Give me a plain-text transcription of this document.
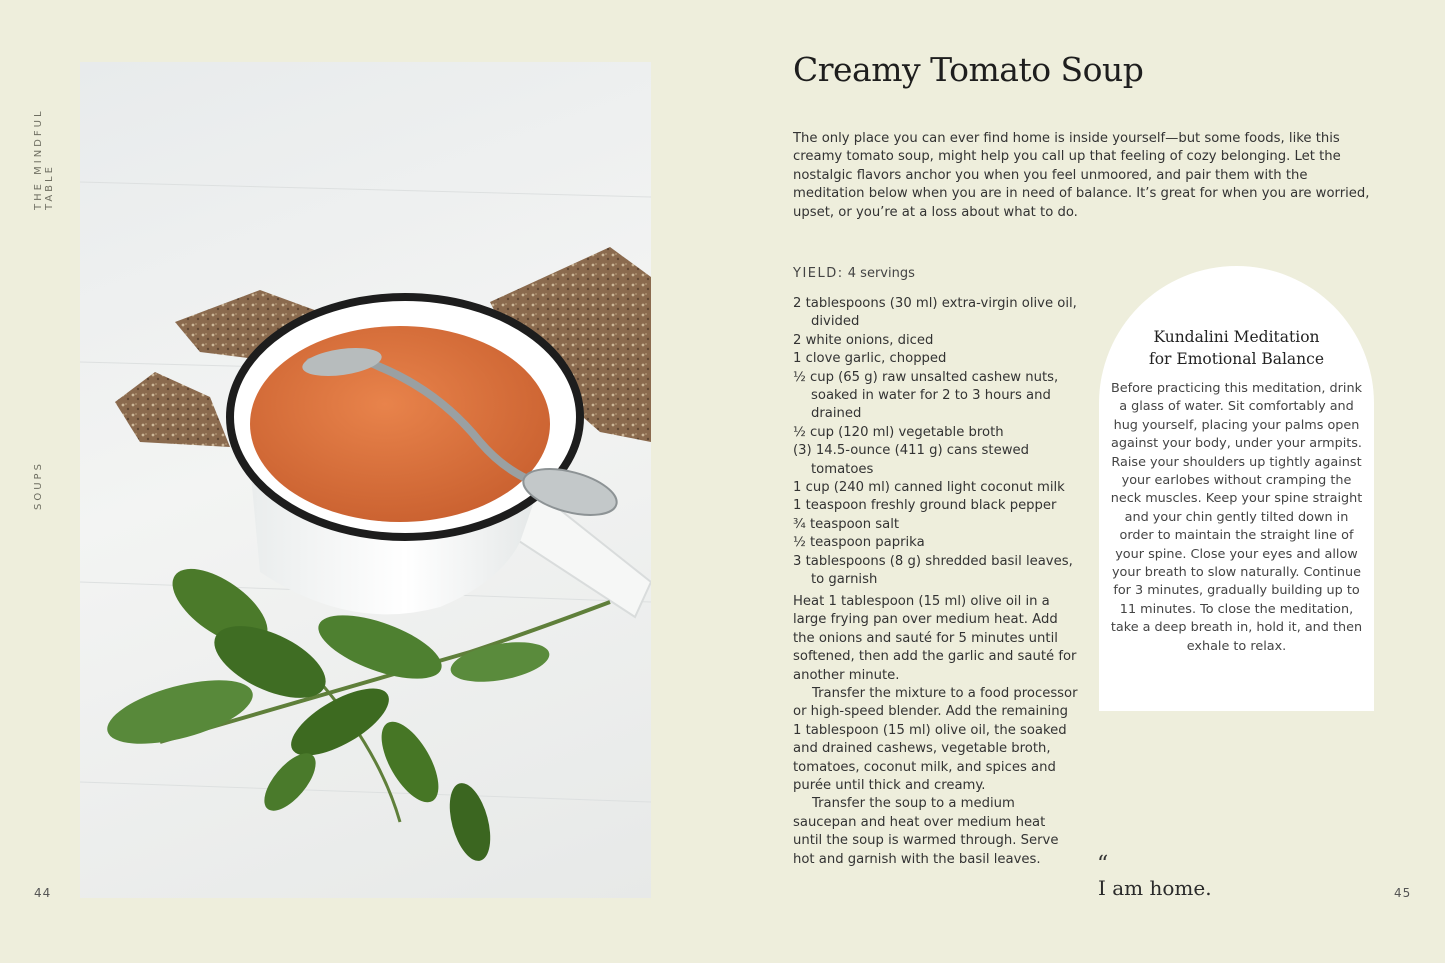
THE MINDFUL TABLE
SOUPS
Creamy Tomato Soup

The only place you can ever find home is inside yourself—but some foods, like this creamy tomato soup, might help you call up that feeling of cozy belonging. Let the nostalgic flavors anchor you when you feel unmoored, and pair them with the meditation below when you are in need of balance. It’s great for when you are worried, upset, or you’re at a loss about what to do.

YIELD: 4 servings
2 tablespoons (30 ml) extra-virgin olive oil, divided
2 white onions, diced
1 clove garlic, chopped
½ cup (65 g) raw unsalted cashew nuts, soaked in water for 2 to 3 hours and drained
½ cup (120 ml) vegetable broth
(3) 14.5-ounce (411 g) cans stewed tomatoes
1 cup (240 ml) canned light coconut milk
1 teaspoon freshly ground black pepper
¾ teaspoon salt
½ teaspoon paprika
3 tablespoons (8 g) shredded basil leaves, to garnish

Heat 1 tablespoon (15 ml) olive oil in a large frying pan over medium heat. Add the onions and sauté for 5 minutes until softened, then add the garlic and sauté for another minute.

Transfer the mixture to a food processor or high-speed blender. Add the remaining 1 tablespoon (15 ml) olive oil, the soaked and drained cashews, vegetable broth, tomatoes, coconut milk, and spices and purée until thick and creamy.

Transfer the soup to a medium saucepan and heat over medium heat until the soup is warmed through. Serve hot and garnish with the basil leaves.

Kundalini Meditation
for Emotional Balance
Before practicing this meditation, drink a glass of water. Sit comfortably and hug yourself, placing your palms open against your body, under your armpits. Raise your shoulders up tightly against your earlobes without cramping the neck muscles. Keep your spine straight and your chin gently tilted down in order to maintain the straight line of your spine. Close your eyes and allow your breath to slow naturally. Continue for 3 minutes, gradually building up to 11 minutes. To close the meditation, take a deep breath in, hold it, and then exhale to relax.
“
I am home.
44	45
